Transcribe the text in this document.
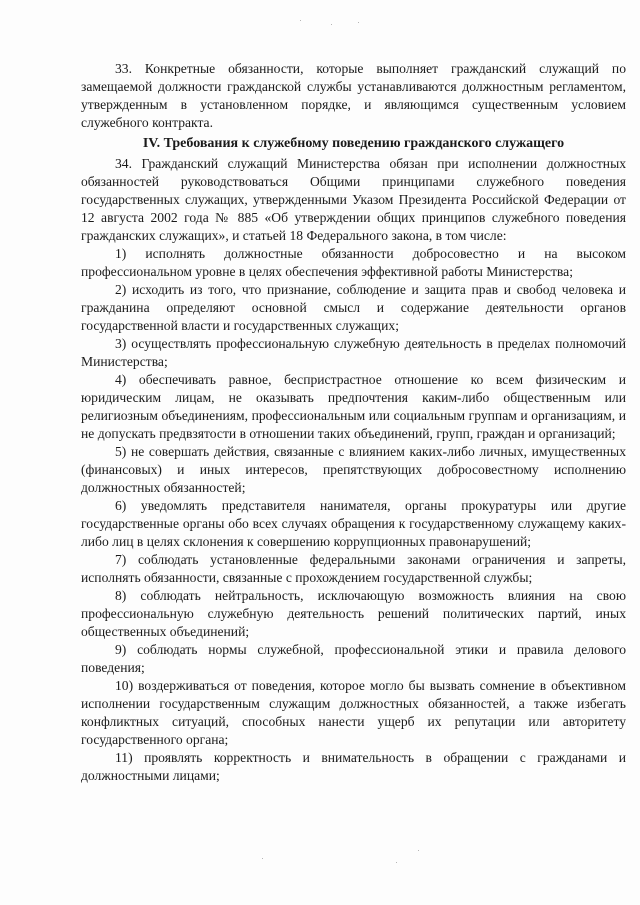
33. Конкретные обязанности, которые выполняет гражданский служащий по замещаемой должности гражданской службы устанавливаются должностным регламентом, утвержденным в установленном порядке, и являющимся существенным условием служебного контракта.

IV. Требования к служебному поведению гражданского служащего

34. Гражданский служащий Министерства обязан при исполнении должностных обязанностей руководствоваться Общими принципами служебного поведения государственных служащих, утвержденными Указом Президента Российской Федерации от 12 августа 2002 года № 885 «Об утверждении общих принципов служебного поведения гражданских служащих», и статьей 18 Федерального закона, в том числе:

1) исполнять должностные обязанности добросовестно и на высоком профессиональном уровне в целях обеспечения эффективной работы Министерства;

2) исходить из того, что признание, соблюдение и защита прав и свобод человека и гражданина определяют основной смысл и содержание деятельности органов государственной власти и государственных служащих;

3) осуществлять профессиональную служебную деятельность в пределах полномочий Министерства;

4) обеспечивать равное, беспристрастное отношение ко всем физическим и юридическим лицам, не оказывать предпочтения каким-либо общественным или религиозным объединениям, профессиональным или социальным группам и организациям, и не допускать предвзятости в отношении таких объединений, групп, граждан и организаций;

5) не совершать действия, связанные с влиянием каких-либо личных, имущественных (финансовых) и иных интересов, препятствующих добросовестному исполнению должностных обязанностей;

6) уведомлять представителя нанимателя, органы прокуратуры или другие государственные органы обо всех случаях обращения к государственному служащему каких-либо лиц в целях склонения к совершению коррупционных правонарушений;

7) соблюдать установленные федеральными законами ограничения и запреты, исполнять обязанности, связанные с прохождением государственной службы;

8) соблюдать нейтральность, исключающую возможность влияния на свою профессиональную служебную деятельность решений политических партий, иных общественных объединений;

9) соблюдать нормы служебной, профессиональной этики и правила делового поведения;

10) воздерживаться от поведения, которое могло бы вызвать сомнение в объективном исполнении государственным служащим должностных обязанностей, а также избегать конфликтных ситуаций, способных нанести ущерб их репутации или авторитету государственного органа;

11) проявлять корректность и внимательность в обращении с гражданами и должностными лицами;
